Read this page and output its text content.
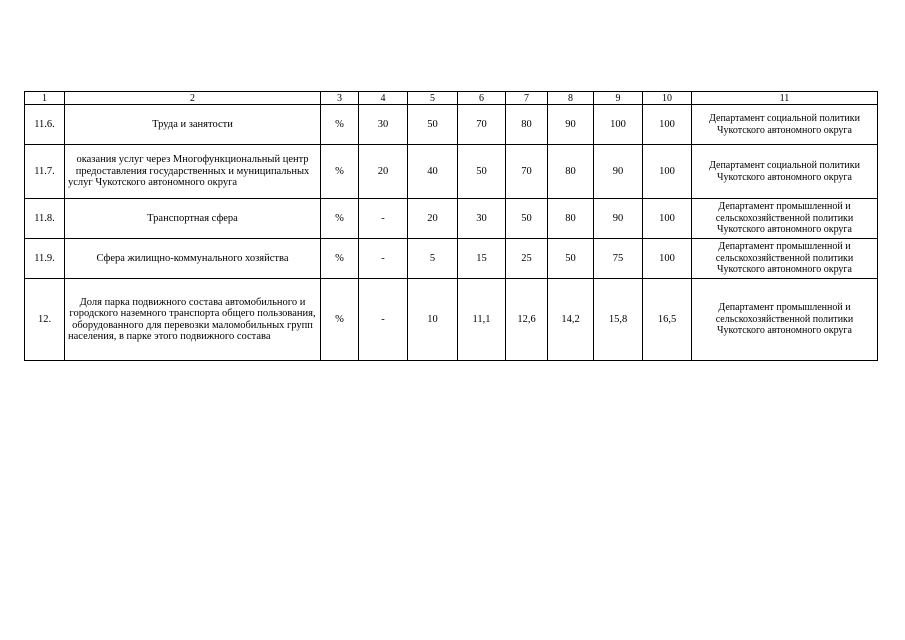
1	2	3	4	5	6	7	8	9	10	11
11.6.	Труда и занятости	%	30	50	70	80	90	100	100	Департамент социальной политики Чукотского автономного округа
11.7.	оказания услуг через Многофункциональный центр предоставления государственных и муниципальных услуг Чукотского автономного округа	%	20	40	50	70	80	90	100	Департамент социальной политики Чукотского автономного округа
11.8.	Транспортная сфера	%	-	20	30	50	80	90	100	Департамент промышленной и сельскохозяйственной политики Чукотского автономного округа
11.9.	Сфера жилищно-коммунального хозяйства	%	-	5	15	25	50	75	100	Департамент промышленной и сельскохозяйственной политики Чукотского автономного округа
12.	Доля парка подвижного состава автомобильного и городского наземного транспорта общего пользования, оборудованного для перевозки маломобильных групп населения, в парке этого подвижного состава	%	-	10	11,1	12,6	14,2	15,8	16,5	Департамент промышленной и сельскохозяйственной политики Чукотского автономного округа
